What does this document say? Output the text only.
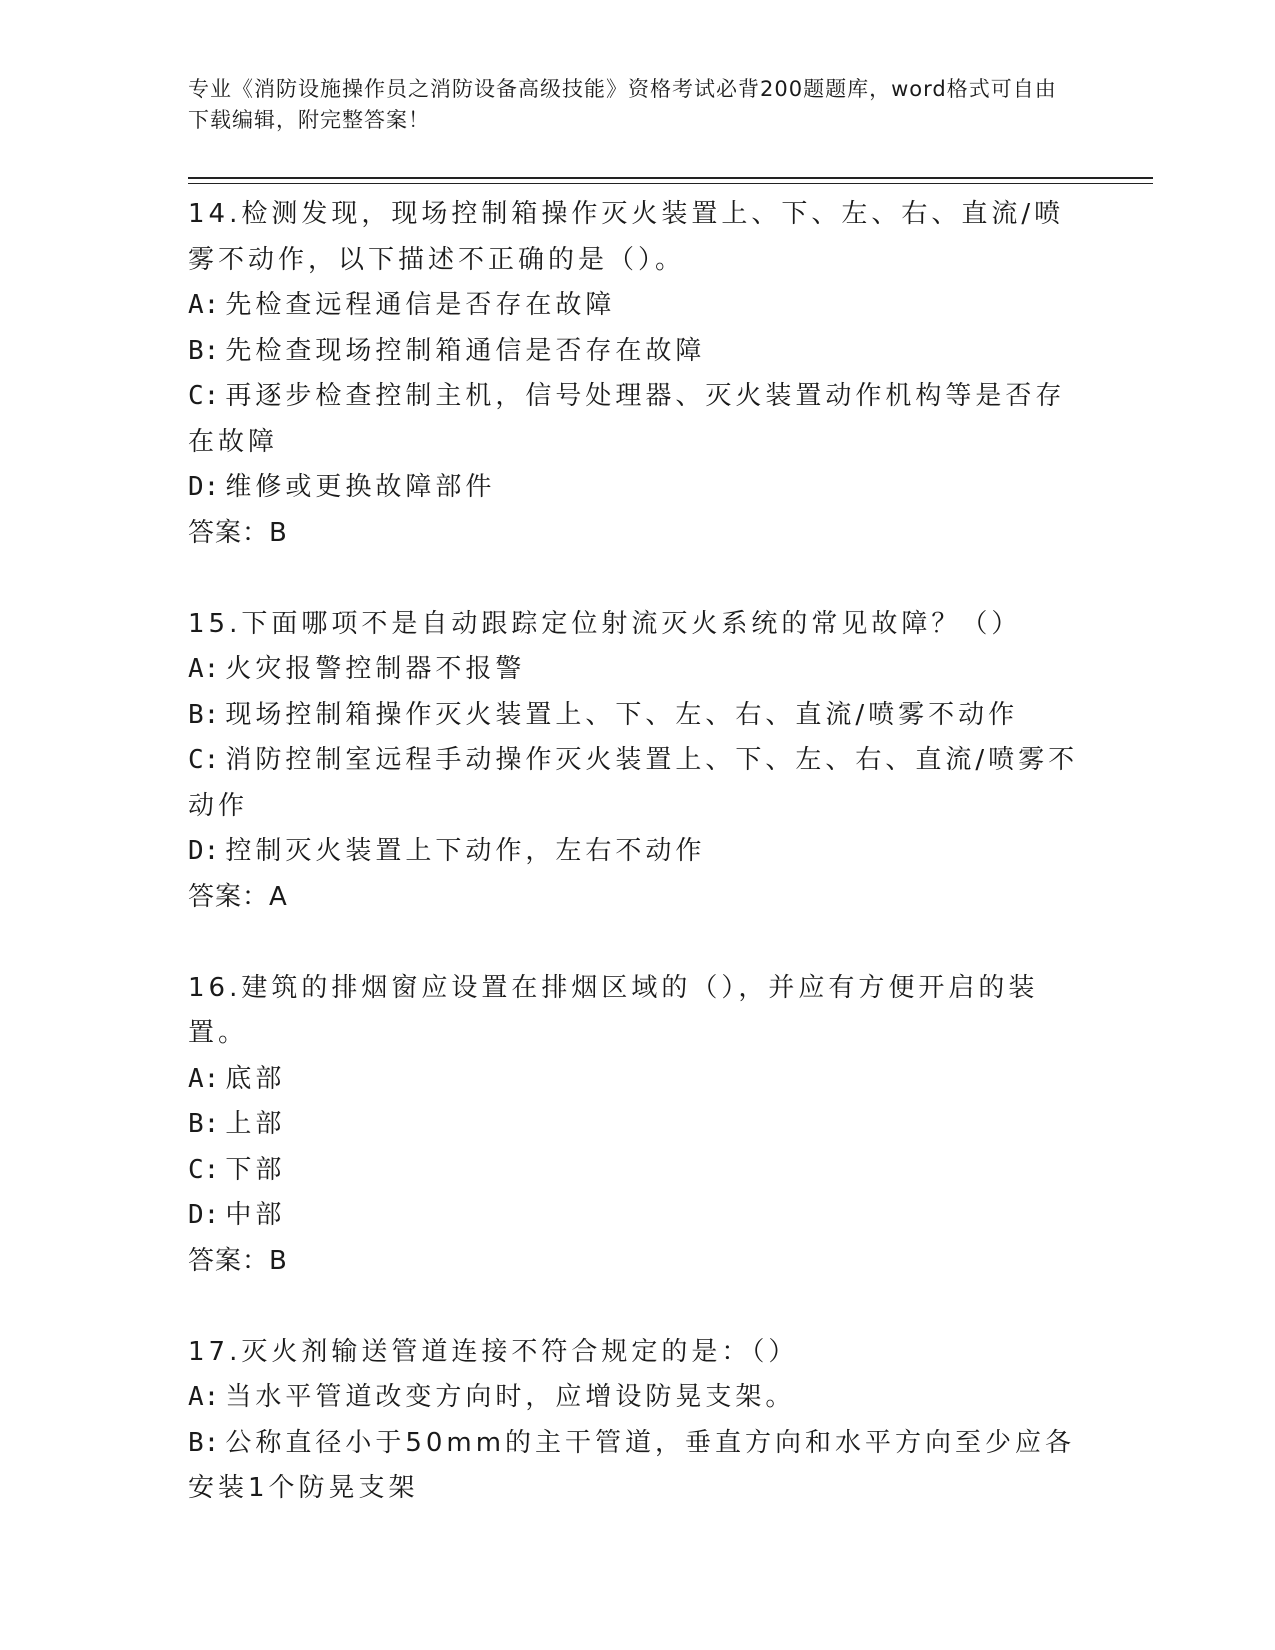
专业《消防设施操作员之消防设备高级技能》资格考试必背200题题库，word格式可自由下载编辑，附完整答案！
14.检测发现，现场控制箱操作灭火装置上、下、左、右、直流/喷雾不动作，以下描述不正确的是（）。
A: 先检查远程通信是否存在故障
B: 先检查现场控制箱通信是否存在故障
C: 再逐步检查控制主机，信号处理器、灭火装置动作机构等是否存在故障
D: 维修或更换故障部件
答案：B
15.下面哪项不是自动跟踪定位射流灭火系统的常见故障？（）
A: 火灾报警控制器不报警
B: 现场控制箱操作灭火装置上、下、左、右、直流/喷雾不动作
C: 消防控制室远程手动操作灭火装置上、下、左、右、直流/喷雾不动作
D: 控制灭火装置上下动作，左右不动作
答案：A
16.建筑的排烟窗应设置在排烟区域的（），并应有方便开启的装置。
A: 底部
B: 上部
C: 下部
D: 中部
答案：B
17.灭火剂输送管道连接不符合规定的是：（）
A: 当水平管道改变方向时，应增设防晃支架。
B: 公称直径小于50mm的主干管道，垂直方向和水平方向至少应各安装1个防晃支架
